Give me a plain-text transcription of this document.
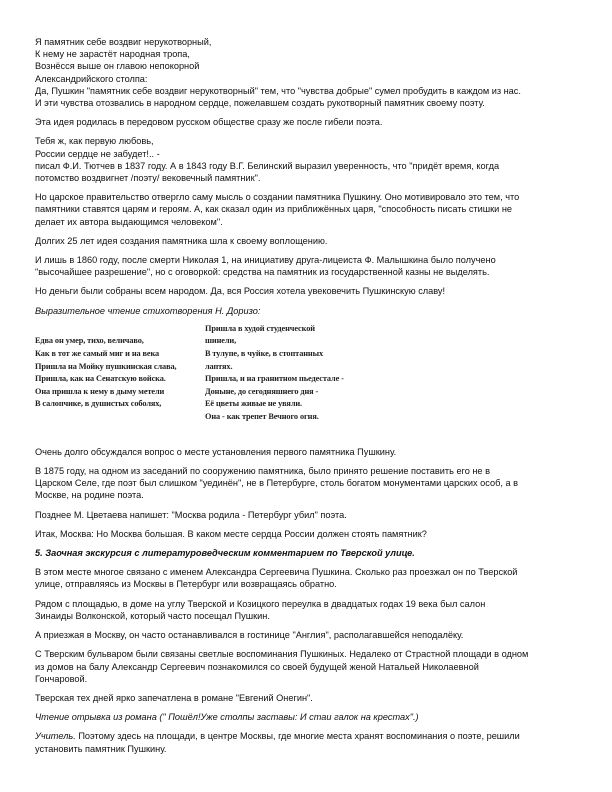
Я памятник себе воздвиг нерукотворный,
К нему не зарастёт народная тропа,
Вознёсся выше он главою непокорной
Александрийского столпа:
Да, Пушкин "памятник себе воздвиг нерукотворный" тем, что "чувства добрые" сумел пробудить в каждом из нас.
И эти чувства отозвались в народном сердце, пожелавшем создать рукотворный памятник своему поэту.

Эта идея родилась в передовом русском обществе сразу же после гибели поэта.

Тебя ж, как первую любовь,
России сердце не забудет!.. -
писал Ф.И. Тютчев в 1837 году. А в 1843 году В.Г. Белинский выразил уверенность, что "придёт время, когда
потомство воздвигнет /поэту/ вековечный памятник".

Но царское правительство отвергло саму мысль о создании памятника Пушкину. Оно мотивировало это тем, что
памятники ставятся царям и героям. А, как сказал один из приближённых царя, "способность писать стишки не
делает их автора выдающимся человеком".

Долгих 25 лет идея создания памятника шла к своему воплощению.

И лишь в 1860 году, после смерти Николая 1, на инициативу друга-лицеиста Ф. Малышкина было получено
"высочайшее разрешение", но с оговоркой: средства на памятник из государственной казны не выделять.

Но деньги были собраны всем народом. Да, вся Россия хотела увековечить Пушкинскую славу!

Выразительное чтение стихотворения Н. Доризо:

Едва он умер, тихо, величаво,
Как в тот же самый миг и на века
Пришла на Мойку пушкинская слава,
Пришла, как на Сенатскую войска.
Она пришла к нему в дыму метели
В салопчике, в душистых соболях,
Пришла в худой студенческой
шинели,
В тулупе, в чуйке, в стоптанных
лаптях.
Пришла, и на гранитном пьедестале -
Доныне, до сегодняшнего дня -
Её цветы живые не увяли.
Она - как трепет Вечного огня.

Очень долго обсуждался вопрос о месте установления первого памятника Пушкину.

В 1875 году, на одном из заседаний по сооружению памятника, было принято решение поставить его не в
Царском Селе, где поэт был слишком "уединён", не в Петербурге, столь богатом монументами царских особ, а в
Москве, на родине поэта.

Позднее М. Цветаева напишет: "Москва родила - Петербург убил" поэта.

Итак, Москва: Но Москва большая. В каком месте сердца России должен стоять памятник?

5. Заочная экскурсия с литературоведческим комментарием по Тверской улице.

В этом месте многое связано с именем Александра Сергеевича Пушкина. Сколько раз проезжал он по Тверской
улице, отправляясь из Москвы в Петербург или возвращаясь обратно.

Рядом с площадью, в доме на углу Тверской и Козицкого переулка в двадцатых годах 19 века был салон
Зинаиды Волконской, который часто посещал Пушкин.

А приезжая в Москву, он часто останавливался в гостинице "Англия", располагавшейся неподалёку.

С Тверским бульваром были связаны светлые воспоминания Пушкиных. Недалеко от Страстной площади в одном
из домов на балу Александр Сергеевич познакомился со своей будущей женой Натальей Николаевной
Гончаровой.

Тверская тех дней ярко запечатлена в романе "Евгений Онегин".

Чтение отрывка из романа (" Пошёл!Уже столпы заставы: И стаи галок на крестах".)

Учитель. Поэтому здесь на площади, в центре Москвы, где многие места хранят воспоминания о поэте, решили
установить памятник Пушкину.
